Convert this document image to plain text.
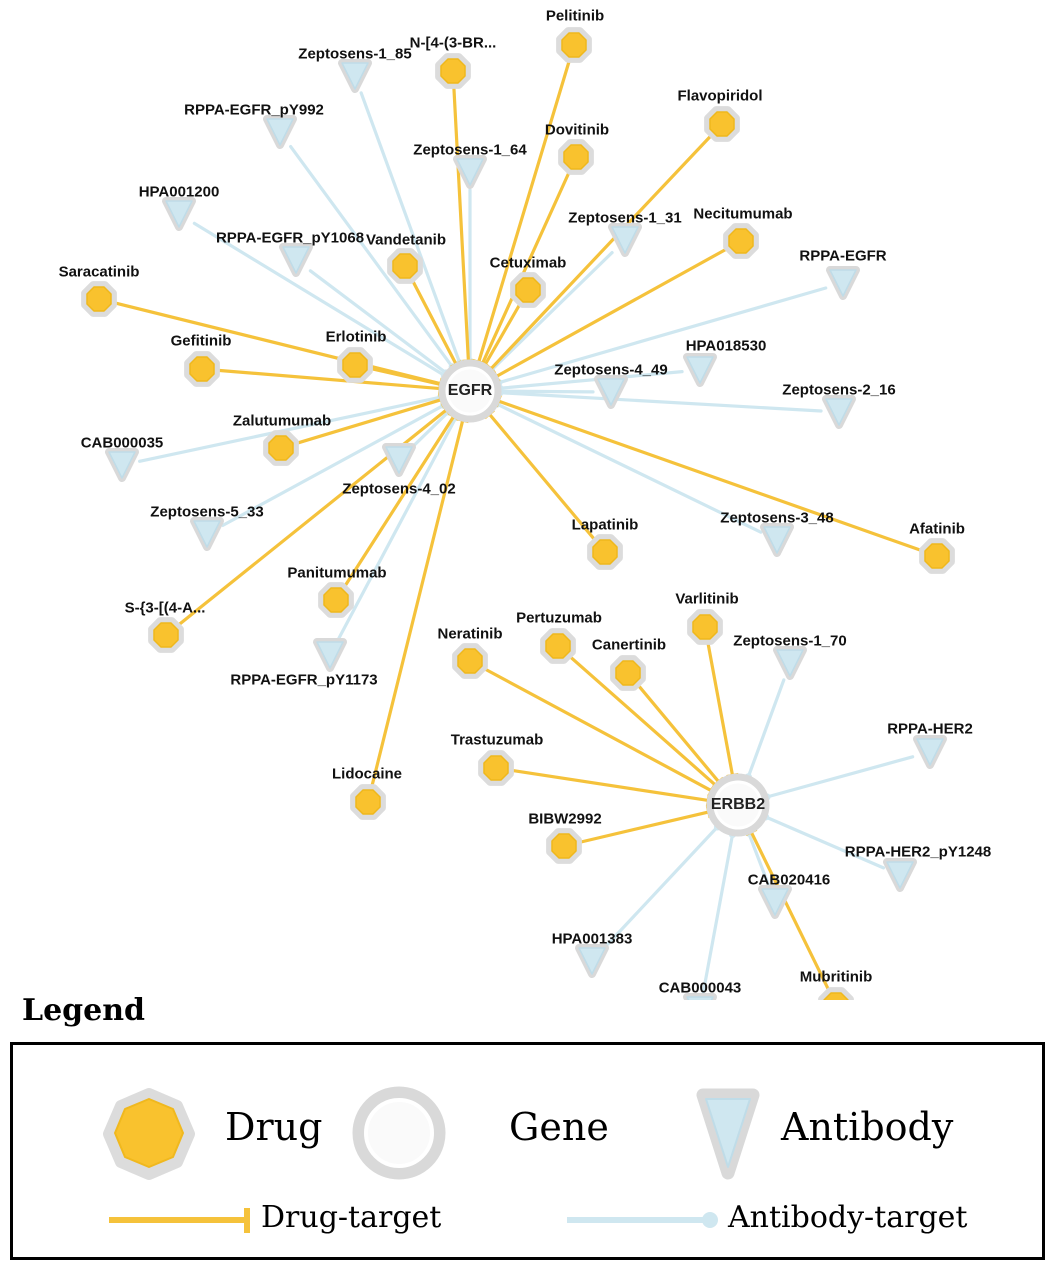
Pelitinib
N-[4-(3-BR...
Flavopiridol
Dovitinib
Necitumumab
Vandetanib
Cetuximab
Saracatinib
Gefitinib	Erlotinib
Zalutumumab
Panitumumab
S-{3-[(4-A...
Lapatinib	Afatinib
Varlitinib
Pertuzumab
Neratinib
Canertinib
Trastuzumab
Lidocaine
BIBW2992
Mubritinib
Zeptosens-1_85
RPPA-EGFR_pY992
Zeptosens-1_64
HPA001200
Zeptosens-1_31
RPPA-EGFR_pY1068
RPPA-EGFR
HPA018530
Zeptosens-4_49
Zeptosens-2_16
CAB000035
Zeptosens-4_02
Zeptosens-5_33	Zeptosens-3_48
RPPA-EGFR_pY1173
Zeptosens-1_70
RPPA-HER2
RPPA-HER2_pY1248
CAB020416
HPA001383
CAB000043
EGFR
ERBB2
Legend
Drug	Gene	Antibody
Drug-target	Antibody-target
